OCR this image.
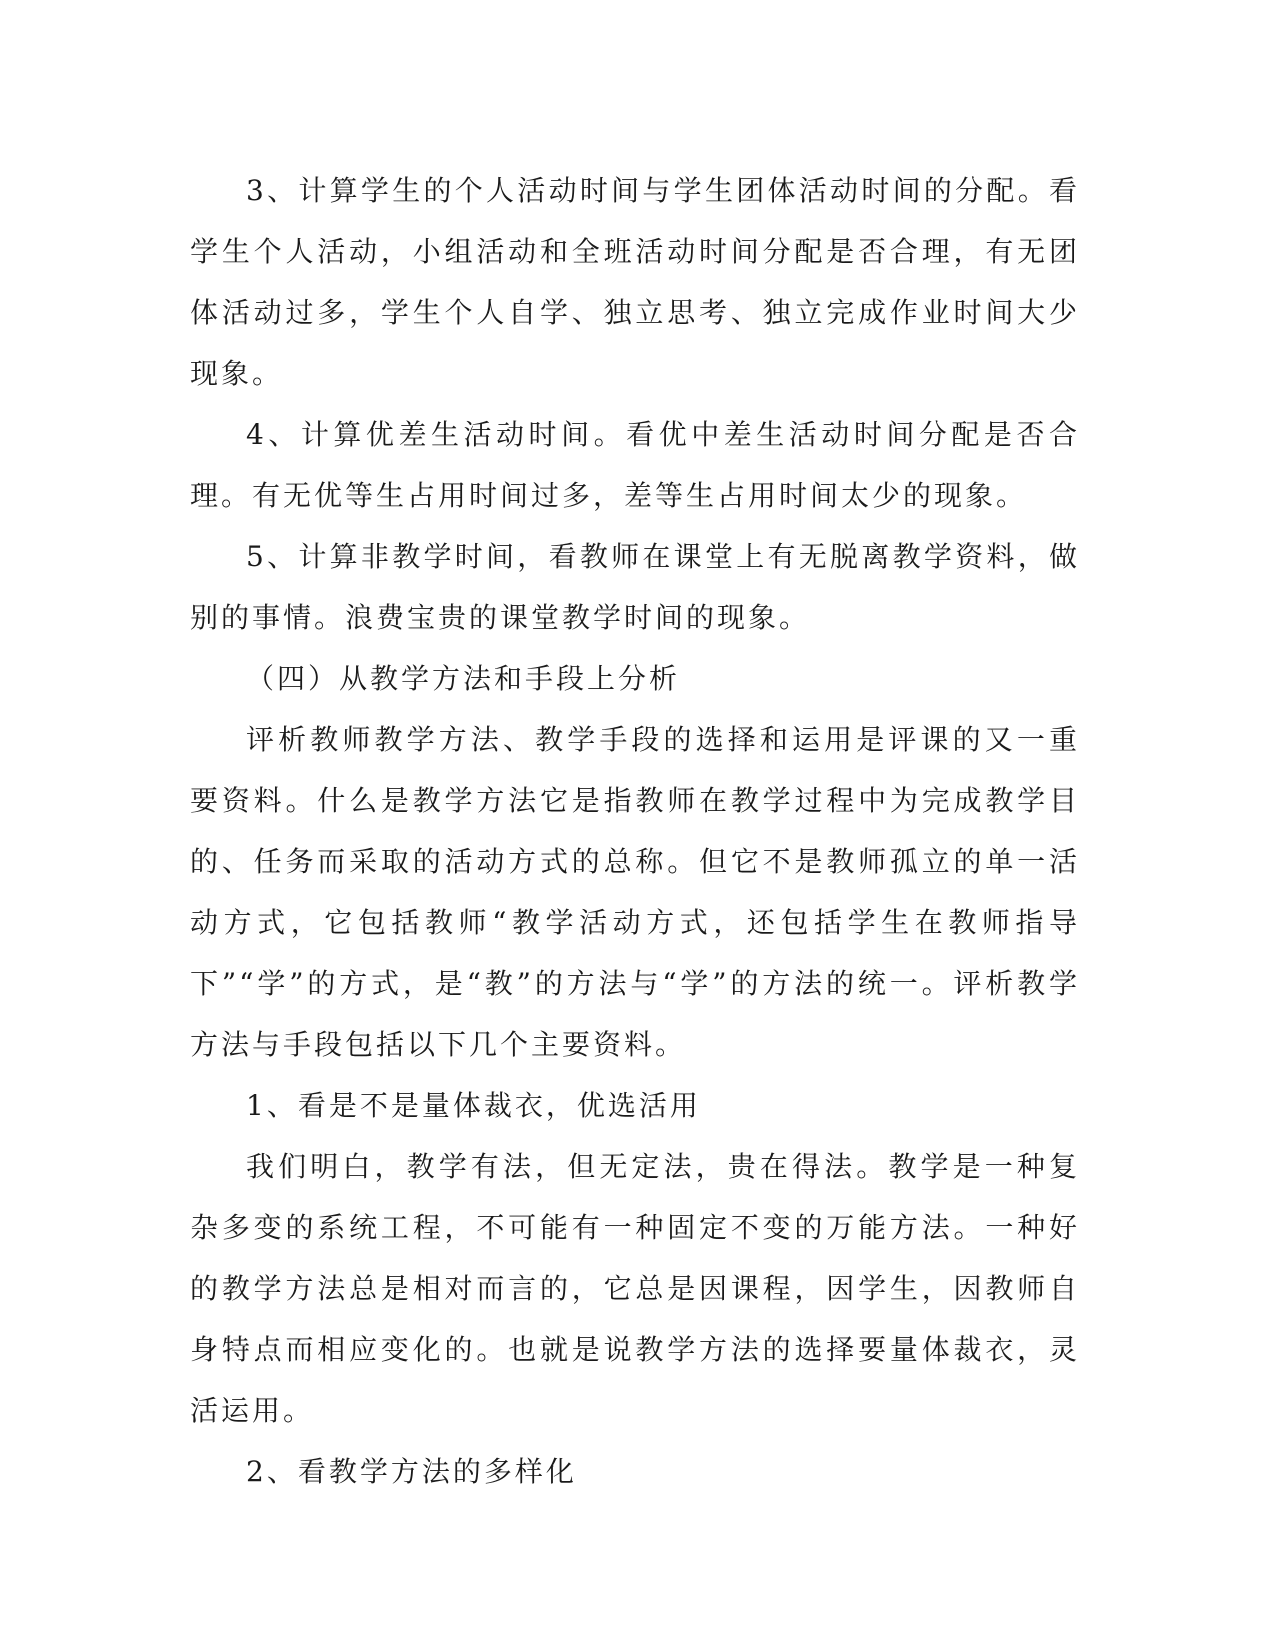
3、计算学生的个人活动时间与学生团体活动时间的分配。看学生个人活动，小组活动和全班活动时间分配是否合理，有无团体活动过多，学生个人自学、独立思考、独立完成作业时间大少现象。

4、计算优差生活动时间。看优中差生活动时间分配是否合理。有无优等生占用时间过多，差等生占用时间太少的现象。

5、计算非教学时间，看教师在课堂上有无脱离教学资料，做别的事情。浪费宝贵的课堂教学时间的现象。

（四）从教学方法和手段上分析

评析教师教学方法、教学手段的选择和运用是评课的又一重要资料。什么是教学方法它是指教师在教学过程中为完成教学目的、任务而采取的活动方式的总称。但它不是教师孤立的单一活动方式，它包括教师“教学活动方式，还包括学生在教师指导下”“学”的方式，是“教”的方法与“学”的方法的统一。评析教学方法与手段包括以下几个主要资料。

1、看是不是量体裁衣，优选活用

我们明白，教学有法，但无定法，贵在得法。教学是一种复杂多变的系统工程，不可能有一种固定不变的万能方法。一种好的教学方法总是相对而言的，它总是因课程，因学生，因教师自身特点而相应变化的。也就是说教学方法的选择要量体裁衣，灵活运用。

2、看教学方法的多样化
